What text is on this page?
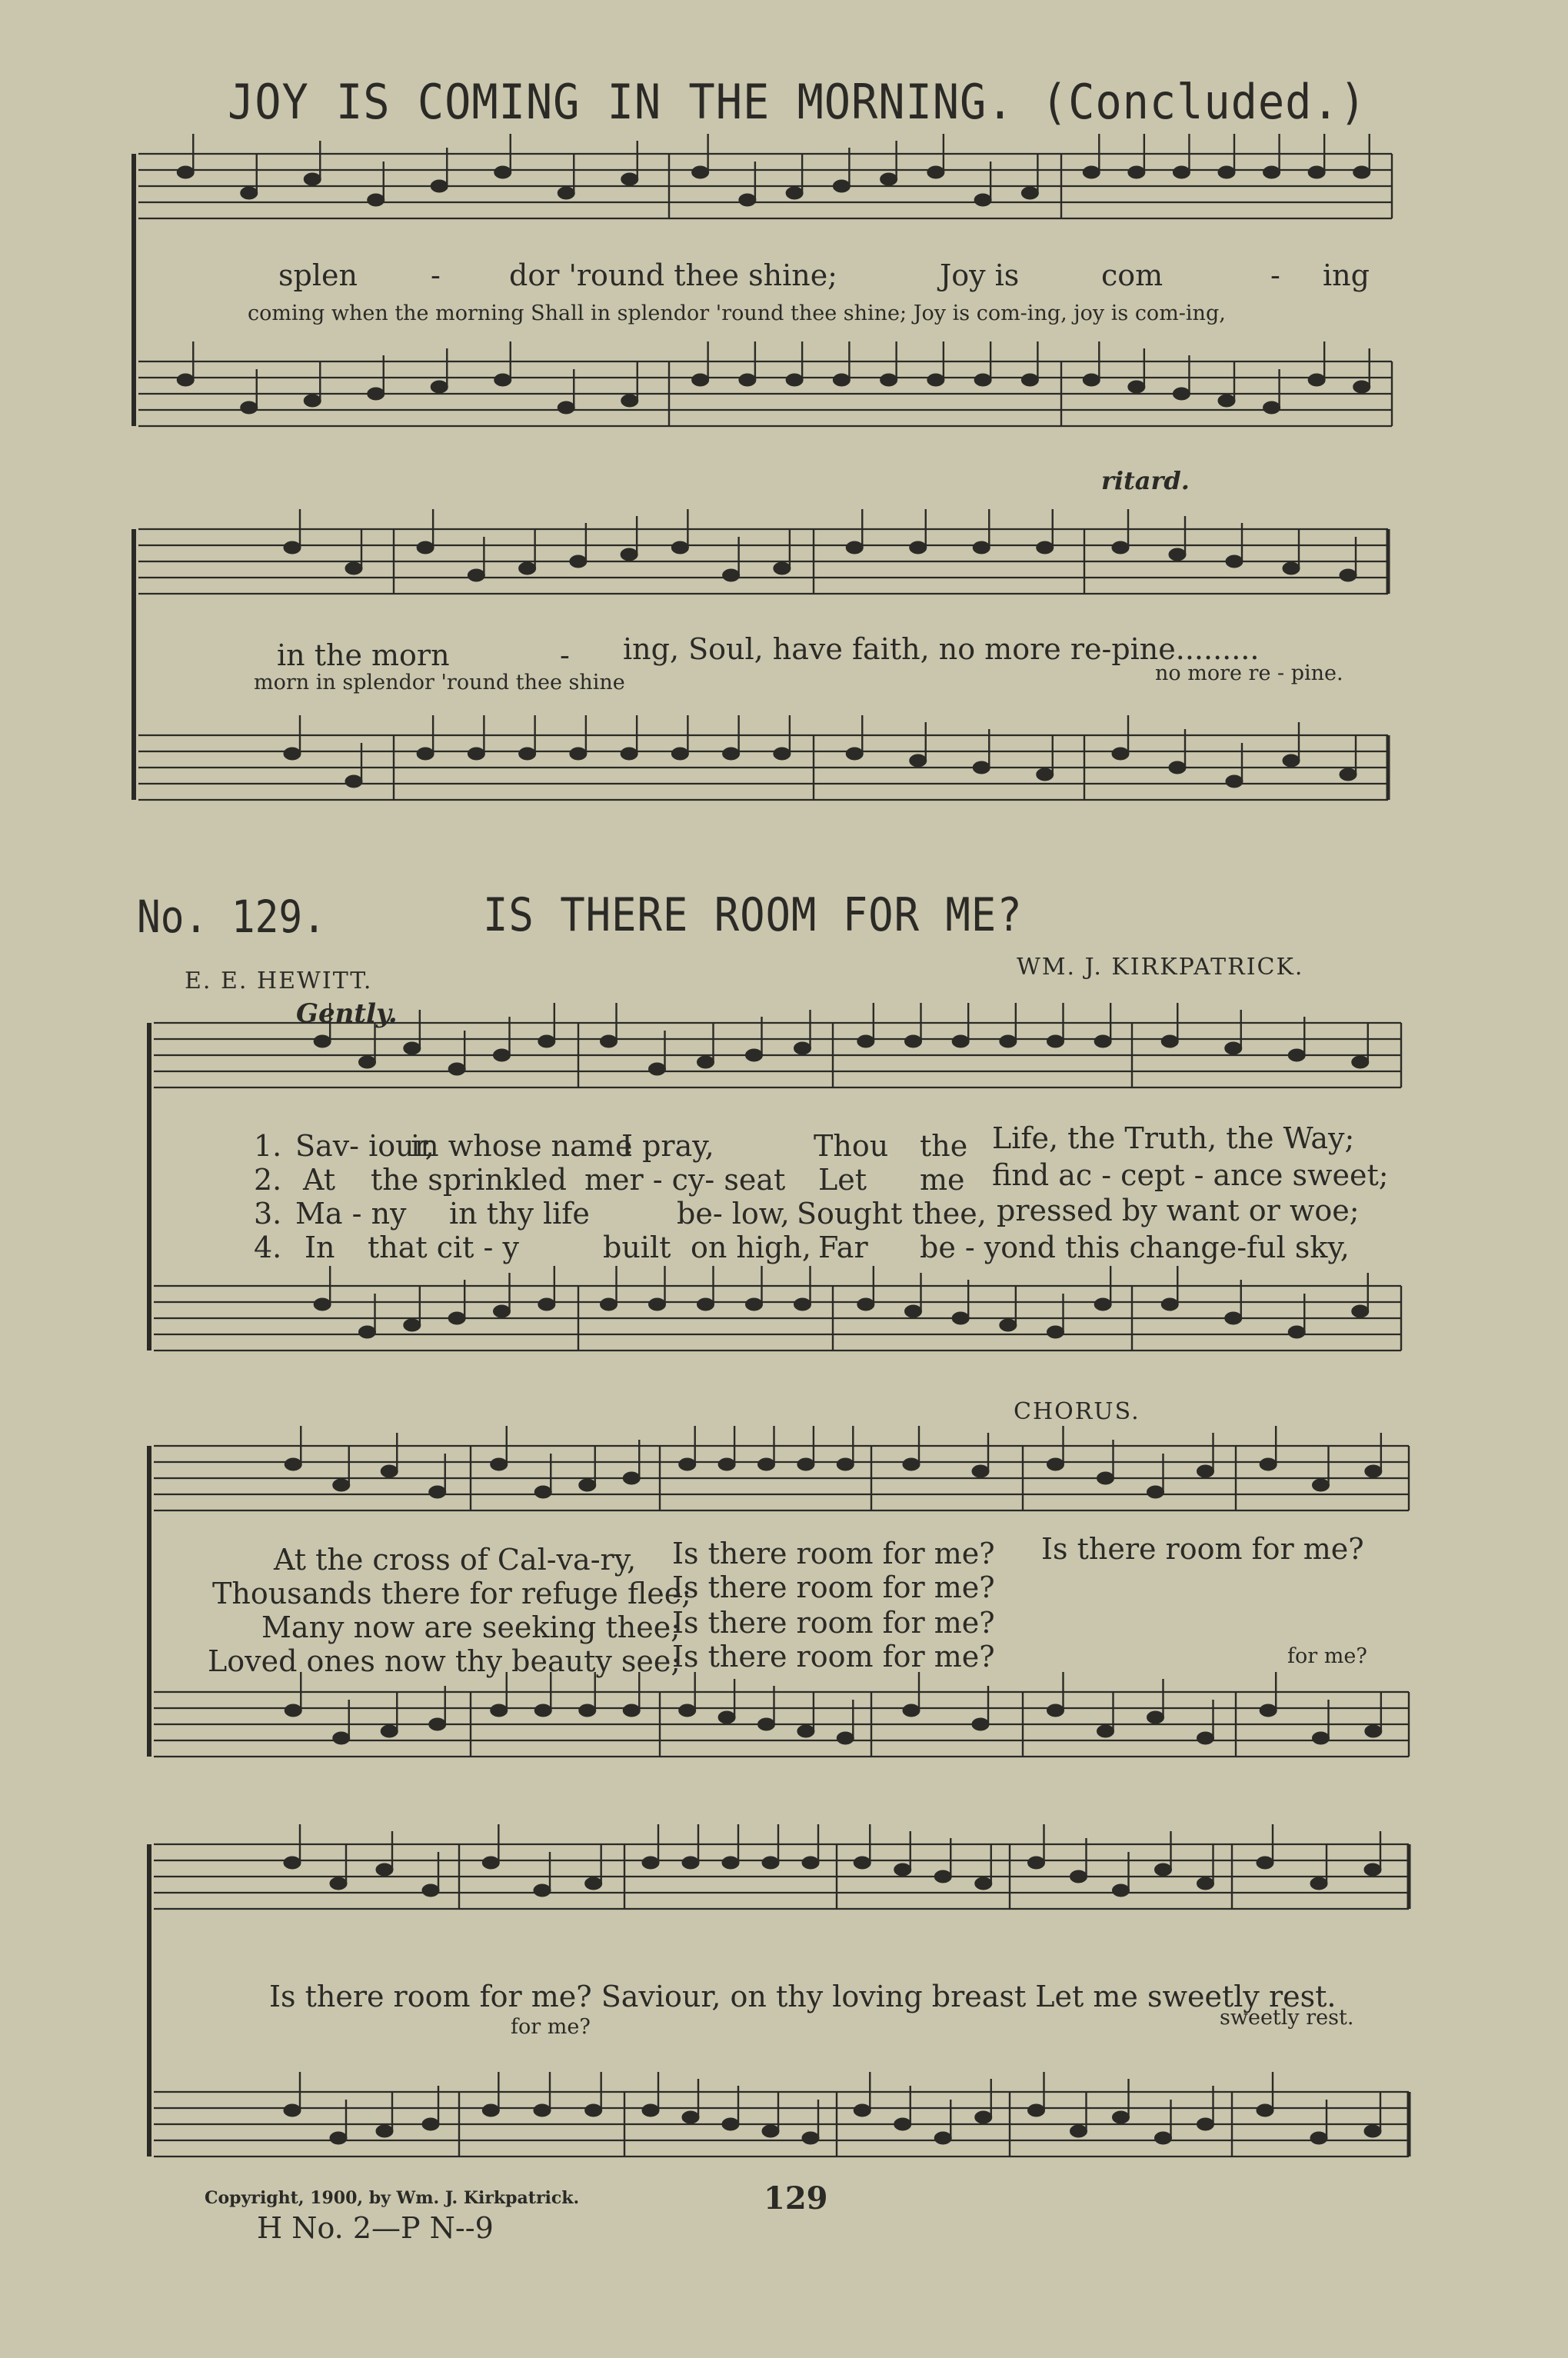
JOY IS COMING IN THE MORNING. (Concluded.)
splen	- dor 'round thee shine;	Joy is	com	- ing
coming when the morning Shall in splendor 'round thee shine; Joy is com-ing, joy is com-ing,
ritard.
in the morn	- ing, Soul, have faith, no more re-pine.........
morn in splendor 'round thee shine	no more re - pine.
No. 129.	IS THERE ROOM FOR ME?
E. E. HEWITT.
WM. J. KIRKPATRICK.
Gently.
1. Sav- iour,
in whose name
I pray,	Thou the Life, the Truth, the Way;
2. At the sprinkled mer - cy- seat Let me find ac - cept - ance sweet;
3. Ma - ny in thy life	be- low, Sought thee, pressed by want or woe;
4. In that cit - y	built on high, Far be - yond this change-ful sky,
CHORUS.
At the cross of Cal-va-ry, Is there room for me? Is there room for me?
Thousands there for refuge flee;
Is there room for me?
Many now are seeking thee;
Is there room for me?
Loved ones now thy beauty see;
Is there room for me?	for me?
Is there room for me? Saviour, on thy loving breast Let me sweetly rest.
for me?	sweetly rest.
Copyright, 1900, by Wm. J. Kirkpatrick.	129
H No. 2—P N--9
